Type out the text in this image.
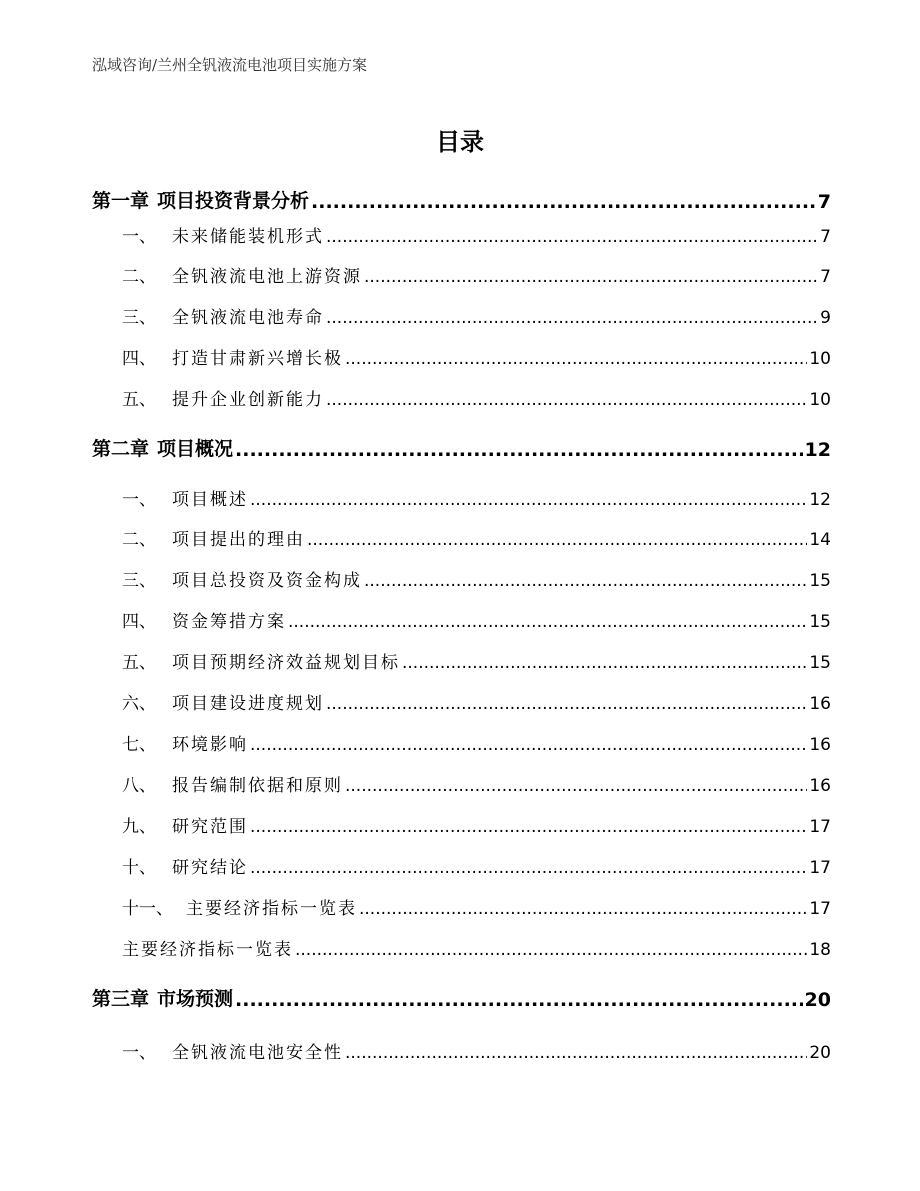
泓域咨询/兰州全钒液流电池项目实施方案
目录
第一章 项目投资背景分析 .....	7
一、 未来储能装机形式 .....	7
二、 全钒液流电池上游资源 .....	7
三、 全钒液流电池寿命 .....	9
四、 打造甘肃新兴增长极 .....	10
五、 提升企业创新能力 .....	10
第二章 项目概况 .....	12
一、 项目概述 .....	12
二、 项目提出的理由 .....	14
三、 项目总投资及资金构成 .....	15
四、 资金筹措方案 .....	15
五、 项目预期经济效益规划目标 .....	15
六、 项目建设进度规划 .....	16
七、 环境影响 .....	16
八、 报告编制依据和原则 .....	16
九、 研究范围 .....	17
十、 研究结论 .....	17
十一、 主要经济指标一览表 .....	17
主要经济指标一览表 .....	18
第三章 市场预测 .....	20
一、 全钒液流电池安全性 .....	20
